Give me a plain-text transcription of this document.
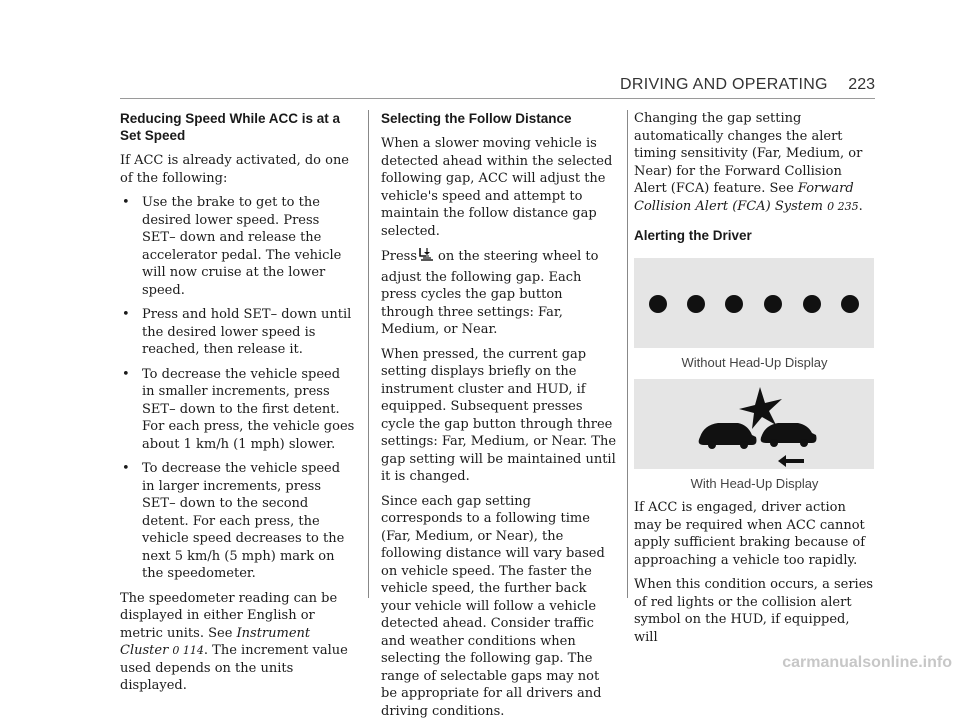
DRIVING AND OPERATING 223
Reducing Speed While ACC is at a Set Speed

If ACC is already activated, do one of the following:

• Use the brake to get to the desired lower speed. Press SET– down and release the accelerator pedal. The vehicle will now cruise at the lower speed.
• Press and hold SET– down until the desired lower speed is reached, then release it.
• To decrease the vehicle speed in smaller increments, press SET– down to the first detent. For each press, the vehicle goes about 1 km/h (1 mph) slower.
• To decrease the vehicle speed in larger increments, press SET– down to the second detent. For each press, the vehicle speed decreases to the next 5 km/h (5 mph) mark on the speedometer.

The speedometer reading can be displayed in either English or metric units. See Instrument Cluster 0 114. The increment value used depends on the units displayed.

Selecting the Follow Distance

When a slower moving vehicle is detected ahead within the selected following gap, ACC will adjust the vehicle's speed and attempt to maintain the follow distance gap selected.

Press on the steering wheel to adjust the following gap. Each press cycles the gap button through three settings: Far, Medium, or Near.

When pressed, the current gap setting displays briefly on the instrument cluster and HUD, if equipped. Subsequent presses cycle the gap button through three settings: Far, Medium, or Near. The gap setting will be maintained until it is changed.

Since each gap setting corresponds to a following time (Far, Medium, or Near), the following distance will vary based on vehicle speed. The faster the vehicle speed, the further back your vehicle will follow a vehicle detected ahead. Consider traffic and weather conditions when selecting the following gap. The range of selectable gaps may not be appropriate for all drivers and driving conditions.

Changing the gap setting automatically changes the alert timing sensitivity (Far, Medium, or Near) for the Forward Collision Alert (FCA) feature. See Forward Collision Alert (FCA) System 0 235.

Alerting the Driver

Without Head-Up Display

With Head-Up Display

If ACC is engaged, driver action may be required when ACC cannot apply sufficient braking because of approaching a vehicle too rapidly.

When this condition occurs, a series of red lights or the collision alert symbol on the HUD, if equipped, will

carmanualsonline.info
